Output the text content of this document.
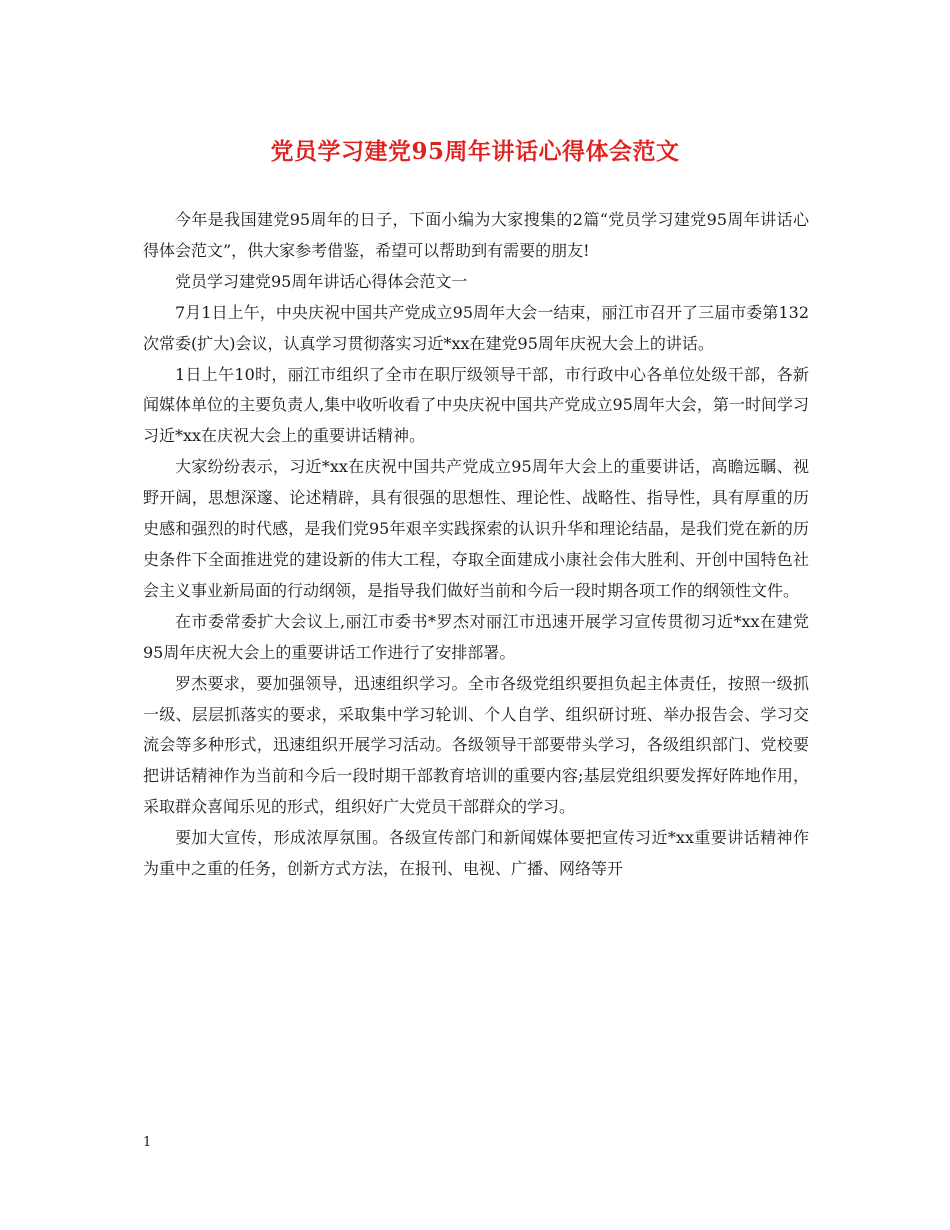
党员学习建党95周年讲话心得体会范文

今年是我国建党95周年的日子，下面小编为大家搜集的2篇“党员学习建党95周年讲话心得体会范文”，供大家参考借鉴，希望可以帮助到有需要的朋友!

党员学习建党95周年讲话心得体会范文一

7月1日上午，中央庆祝中国共产党成立95周年大会一结束，丽江市召开了三届市委第132次常委(扩大)会议，认真学习贯彻落实习近*xx在建党95周年庆祝大会上的讲话。

1日上午10时，丽江市组织了全市在职厅级领导干部，市行政中心各单位处级干部，各新闻媒体单位的主要负责人,集中收听收看了中央庆祝中国共产党成立95周年大会，第一时间学习习近*xx在庆祝大会上的重要讲话精神。

大家纷纷表示，习近*xx在庆祝中国共产党成立95周年大会上的重要讲话，高瞻远瞩、视野开阔，思想深邃、论述精辟，具有很强的思想性、理论性、战略性、指导性，具有厚重的历史感和强烈的时代感，是我们党95年艰辛实践探索的认识升华和理论结晶，是我们党在新的历史条件下全面推进党的建设新的伟大工程，夺取全面建成小康社会伟大胜利、开创中国特色社会主义事业新局面的行动纲领，是指导我们做好当前和今后一段时期各项工作的纲领性文件。

在市委常委扩大会议上,丽江市委书*罗杰对丽江市迅速开展学习宣传贯彻习近*xx在建党95周年庆祝大会上的重要讲话工作进行了安排部署。

罗杰要求，要加强领导，迅速组织学习。全市各级党组织要担负起主体责任，按照一级抓一级、层层抓落实的要求，采取集中学习轮训、个人自学、组织研讨班、举办报告会、学习交流会等多种形式，迅速组织开展学习活动。各级领导干部要带头学习，各级组织部门、党校要把讲话精神作为当前和今后一段时期干部教育培训的重要内容;基层党组织要发挥好阵地作用，采取群众喜闻乐见的形式，组织好广大党员干部群众的学习。

要加大宣传，形成浓厚氛围。各级宣传部门和新闻媒体要把宣传习近*xx重要讲话精神作为重中之重的任务，创新方式方法，在报刊、电视、广播、网络等开

1
